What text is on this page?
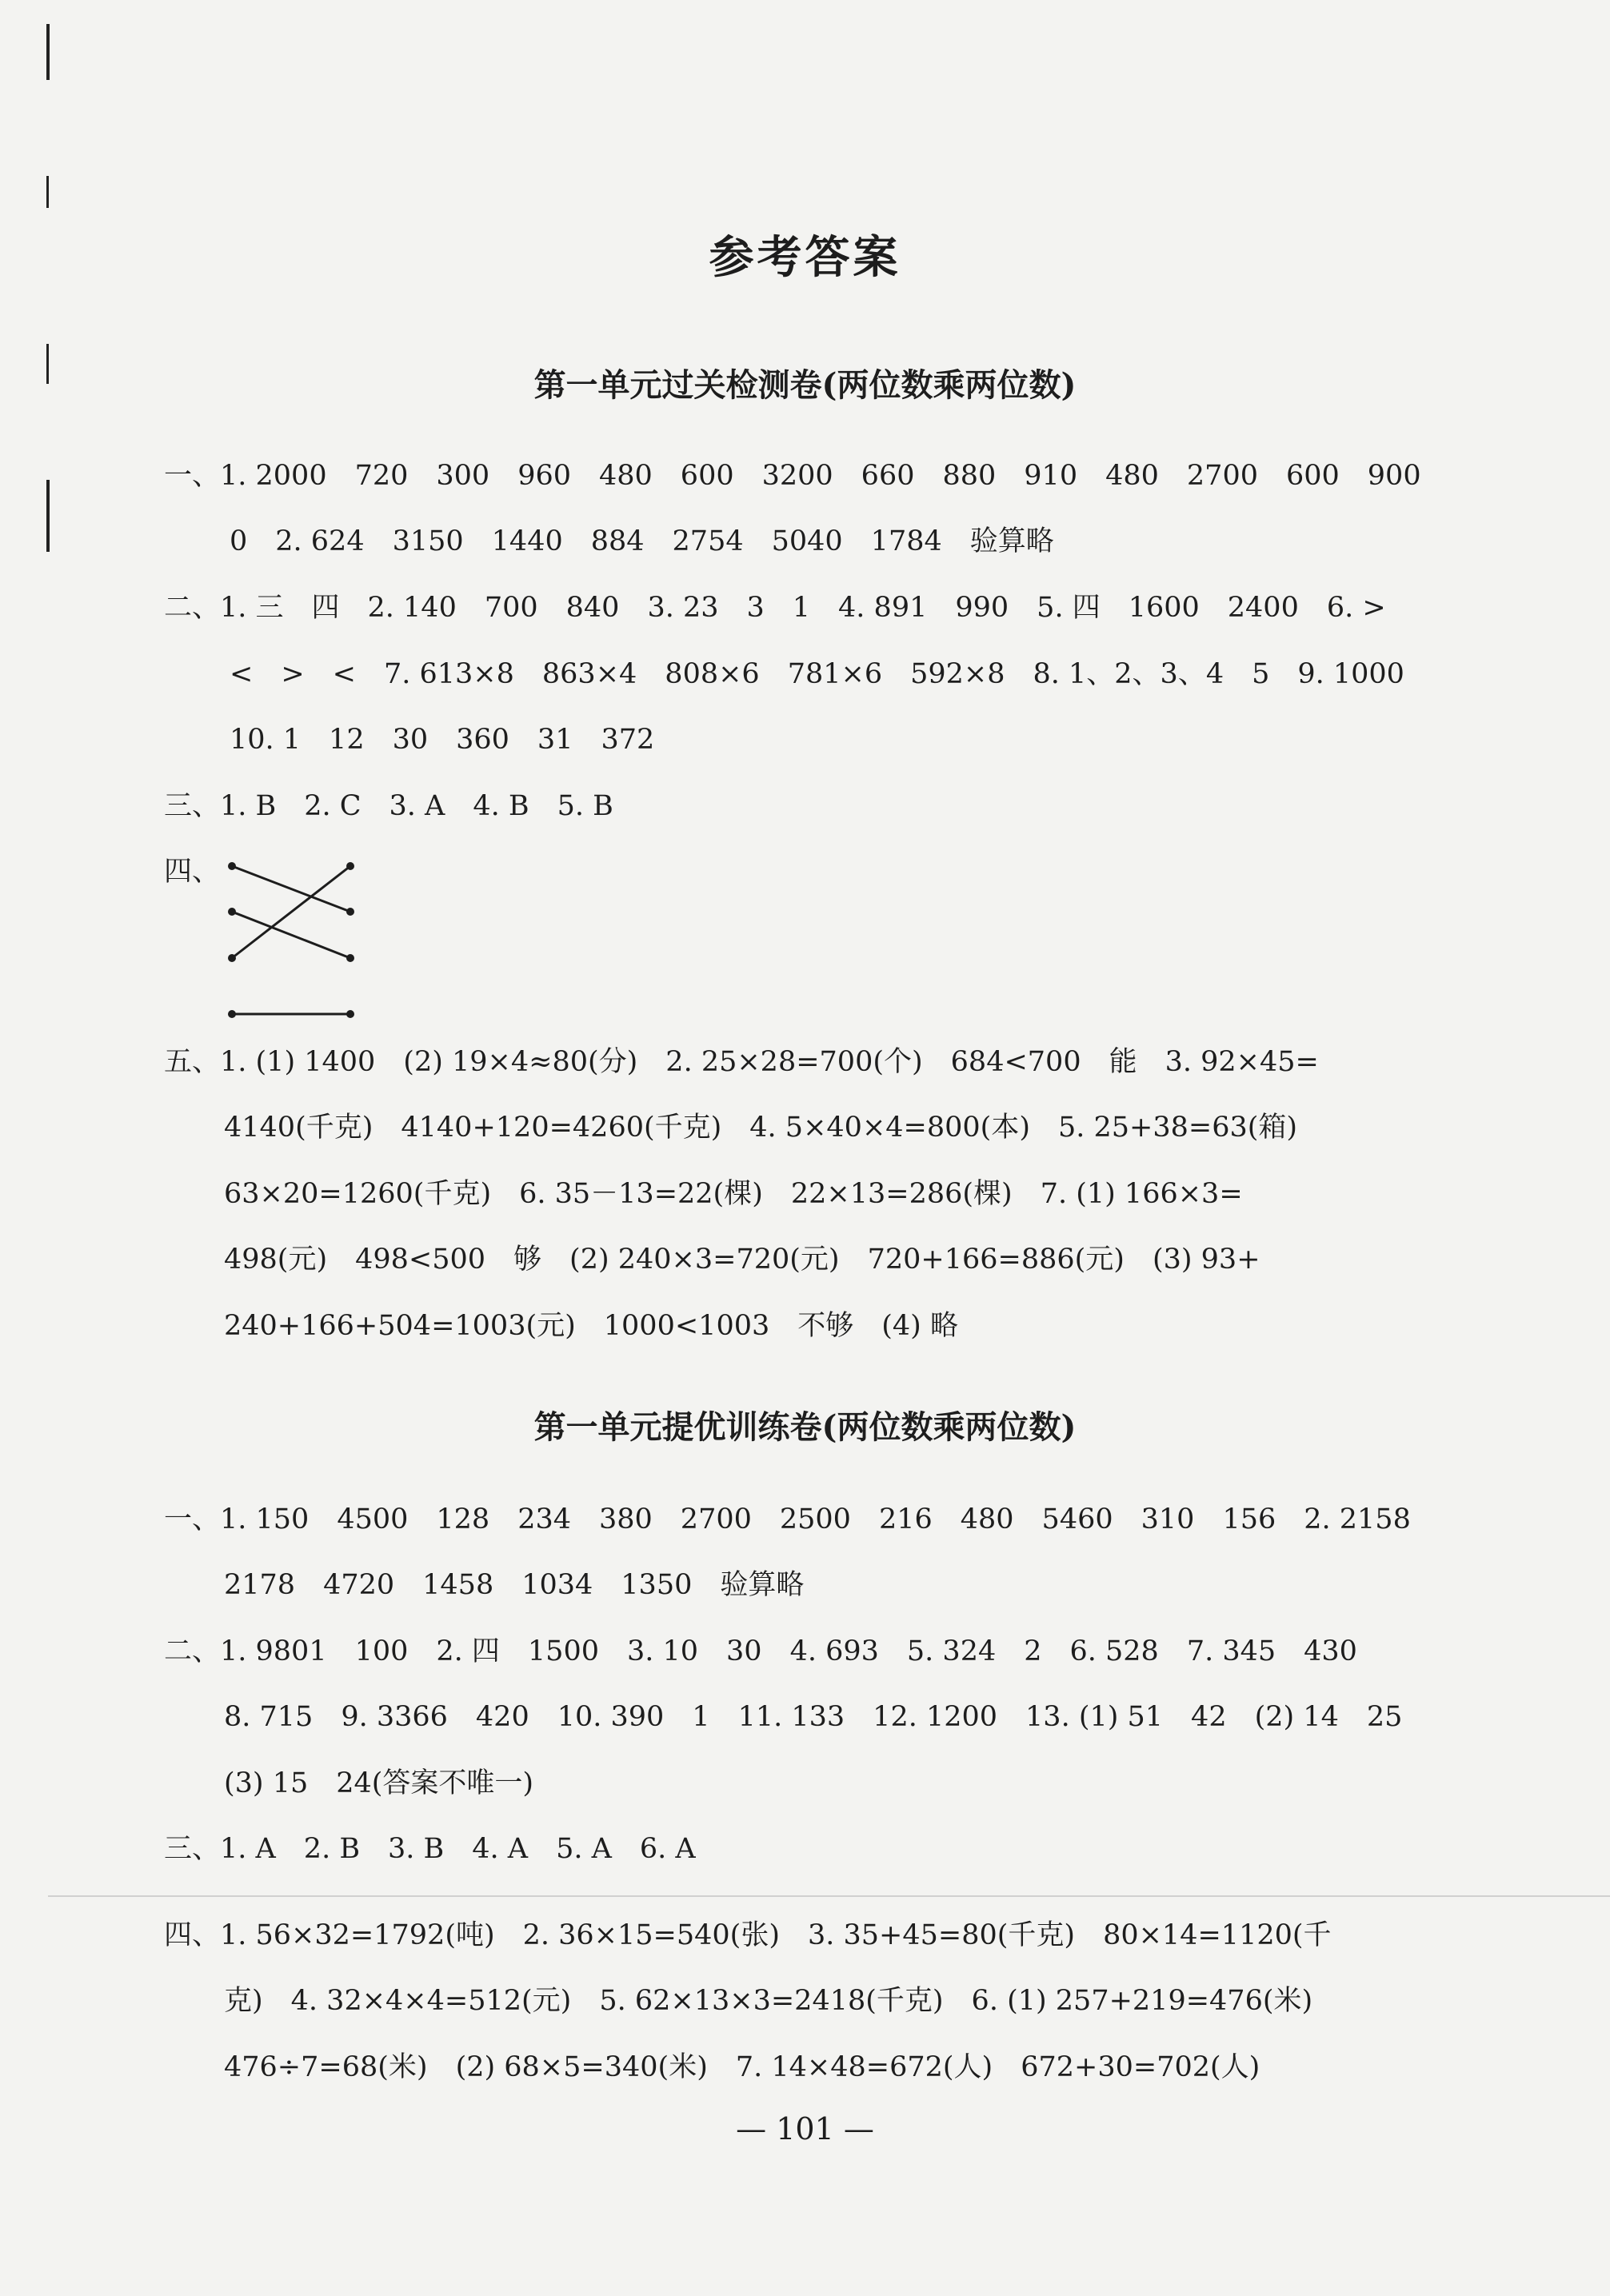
参考答案
第一单元过关检测卷(两位数乘两位数)
一、1. 2000　720　300　960　480　600　3200　660　880　910　480　2700　600　900
0　2. 624　3150　1440　884　2754　5040　1784　验算略
二、1. 三　四　2. 140　700　840　3. 23　3　1　4. 891　990　5. 四　1600　2400　6. >
<　>　<　7. 613×8　863×4　808×6　781×6　592×8　8. 1、2、3、4　5　9. 1000
10. 1　12　30　360　31　372
三、1. B　2. C　3. A　4. B　5. B
四、
五、1. (1) 1400　(2) 19×4≈80(分)　2. 25×28=700(个)　684<700　能　3. 92×45=
4140(千克)　4140+120=4260(千克)　4. 5×40×4=800(本)　5. 25+38=63(箱)
63×20=1260(千克)　6. 35－13=22(棵)　22×13=286(棵)　7. (1) 166×3=
498(元)　498<500　够　(2) 240×3=720(元)　720+166=886(元)　(3) 93+
240+166+504=1003(元)　1000<1003　不够　(4) 略
第一单元提优训练卷(两位数乘两位数)
一、1. 150　4500　128　234　380　2700　2500　216　480　5460　310　156　2. 2158
2178　4720　1458　1034　1350　验算略
二、1. 9801　100　2. 四　1500　3. 10　30　4. 693　5. 324　2　6. 528　7. 345　430
8. 715　9. 3366　420　10. 390　1　11. 133　12. 1200　13. (1) 51　42　(2) 14　25
(3) 15　24(答案不唯一)
三、1. A　2. B　3. B　4. A　5. A　6. A
四、1. 56×32=1792(吨)　2. 36×15=540(张)　3. 35+45=80(千克)　80×14=1120(千
克)　4. 32×4×4=512(元)　5. 62×13×3=2418(千克)　6. (1) 257+219=476(米)
476÷7=68(米)　(2) 68×5=340(米)　7. 14×48=672(人)　672+30=702(人)
— 101 —
